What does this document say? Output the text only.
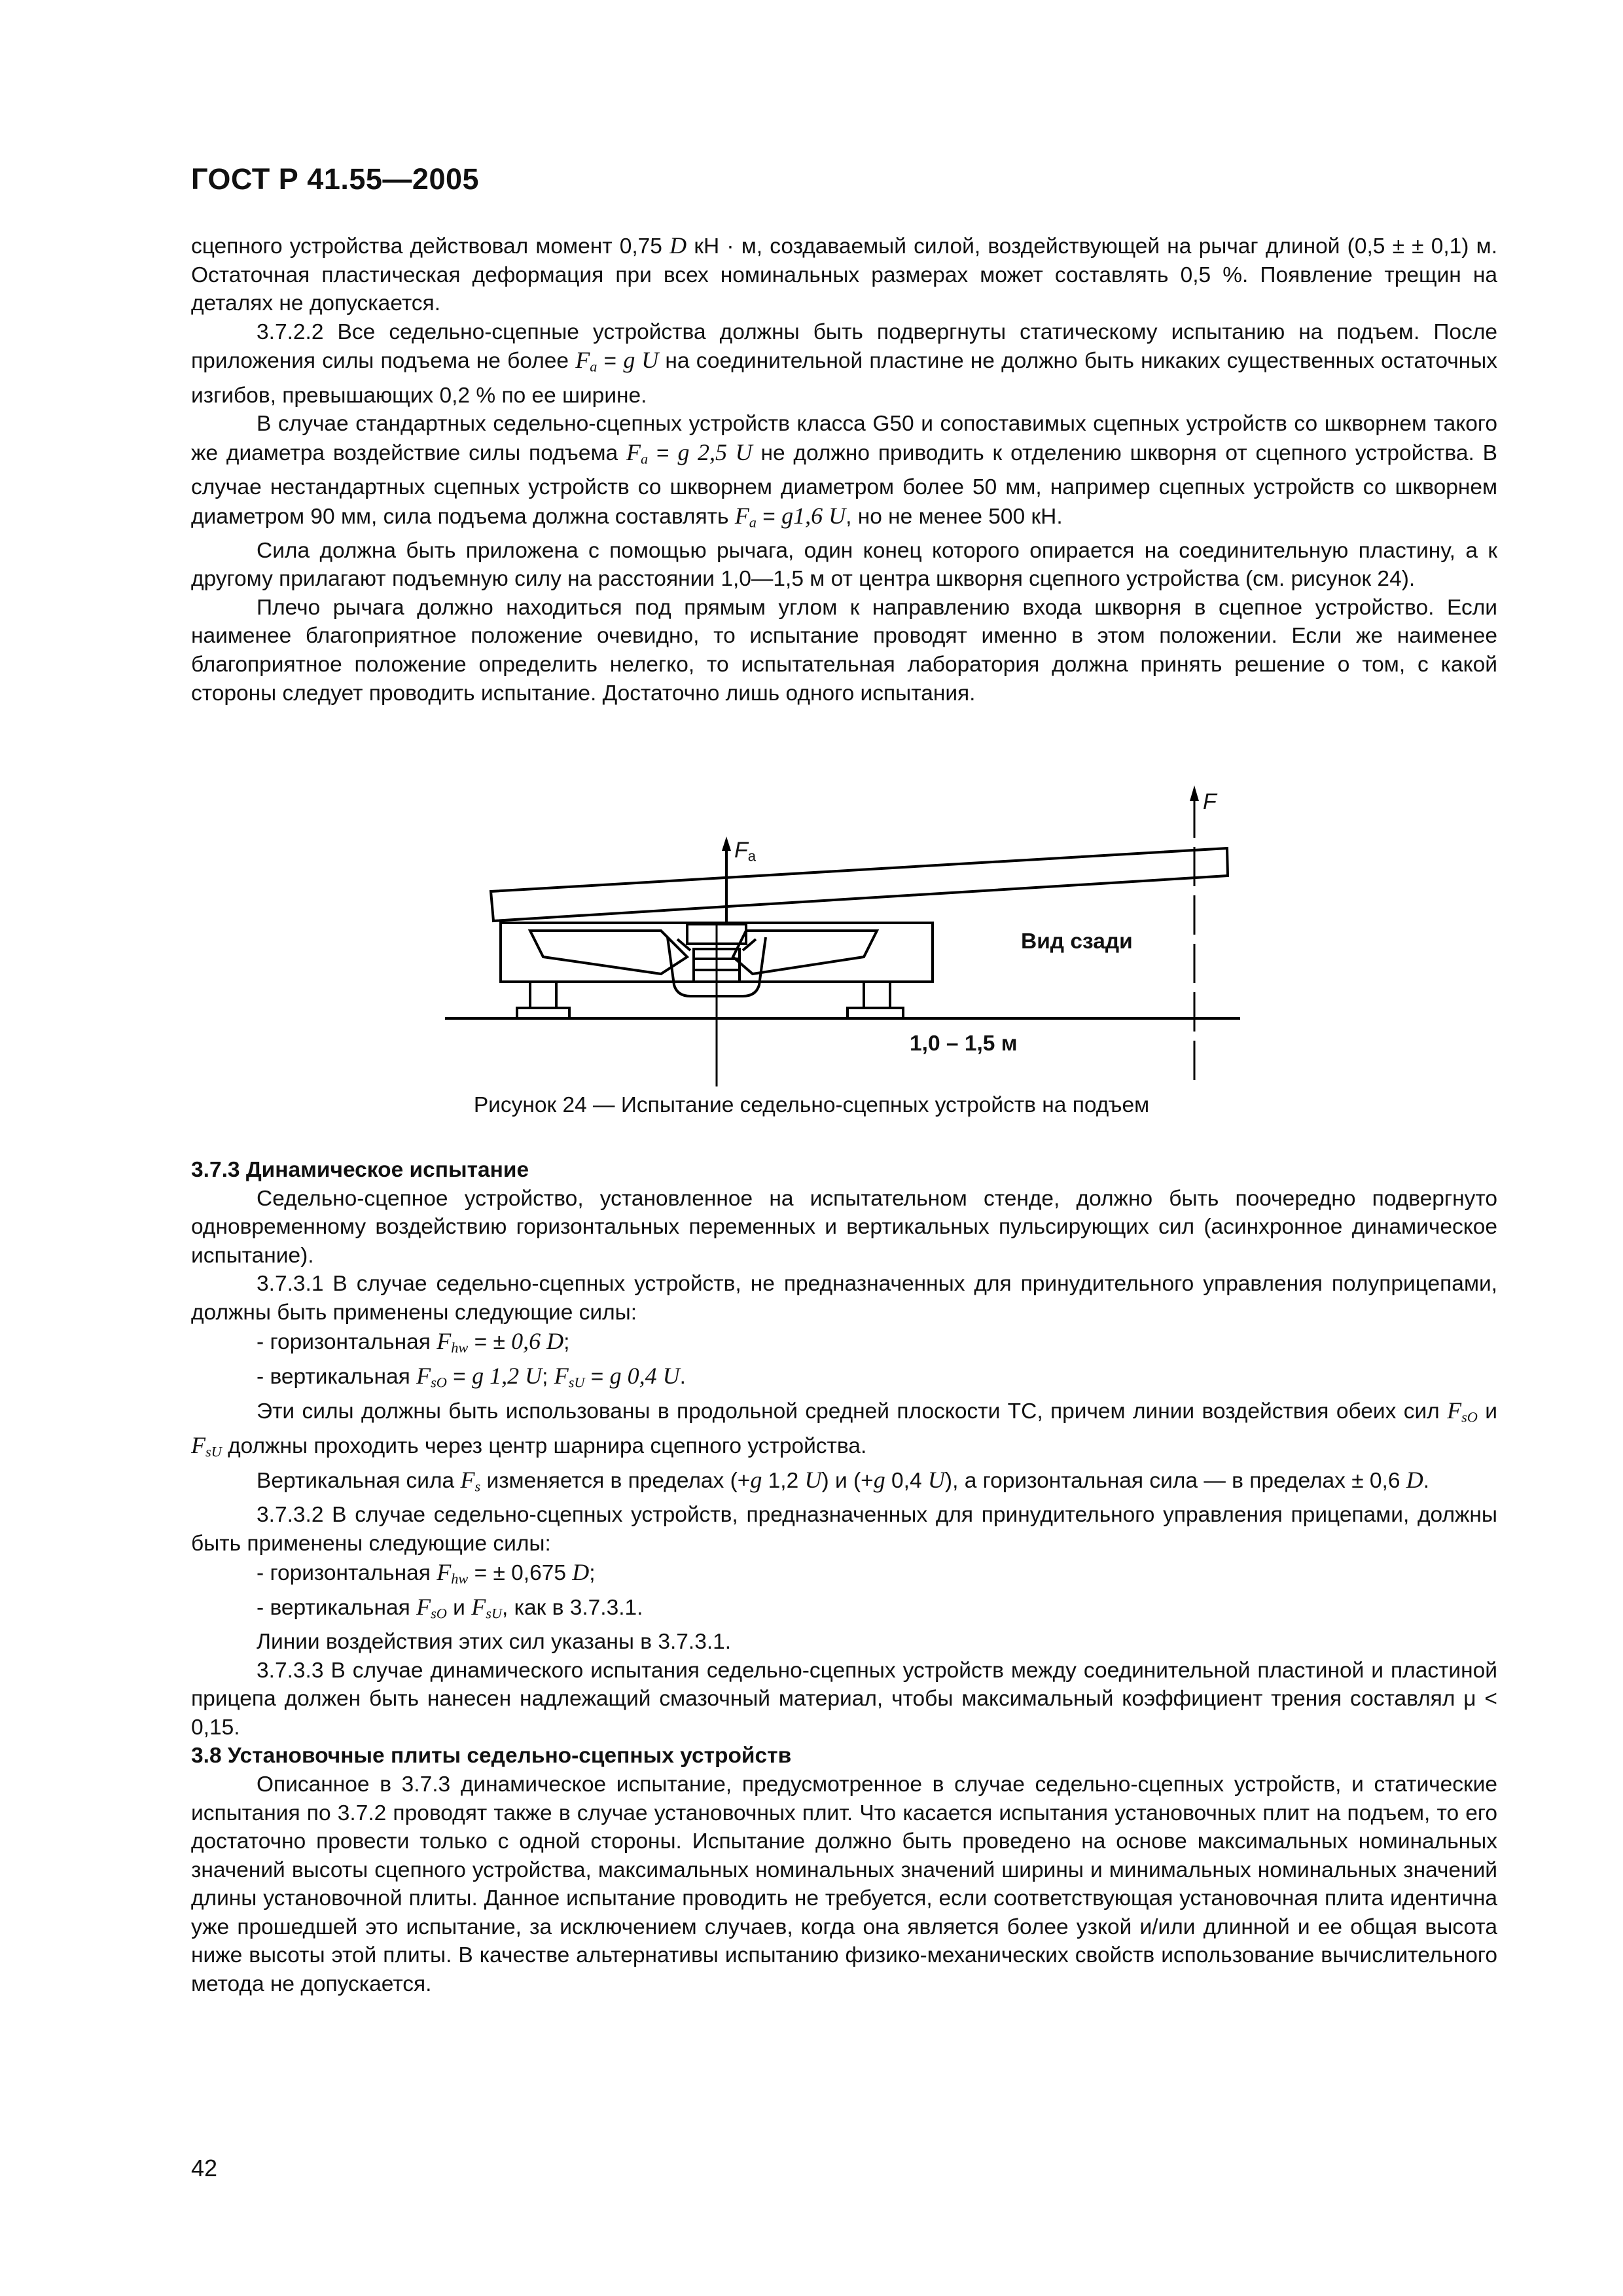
ГОСТ Р 41.55—2005

сцепного устройства действовал момент 0,75 D кН · м, создаваемый силой, воздействующей на рычаг длиной (0,5 ± ± 0,1) м. Остаточная пластическая деформация при всех номинальных размерах может составлять 0,5 %. Появление трещин на деталях не допускается.

3.7.2.2 Все седельно-сцепные устройства должны быть подвергнуты статическому испытанию на подъем. После приложения силы подъема не более $F_a = g$ U на соединительной пластине не должно быть никаких существенных остаточных изгибов, превышающих 0,2 % по ее ширине.

В случае стандартных седельно-сцепных устройств класса G50 и сопоставимых сцепных устройств со шкворнем такого же диаметра воздействие силы подъема $F_a = g$ 2,5 U не должно приводить к отделению шкворня от сцепного устройства. В случае нестандартных сцепных устройств со шкворнем диаметром более 50 мм, например сцепных устройств со шкворнем диаметром 90 мм, сила подъема должна составлять $F_a = g1,6$ U, но не менее 500 кН.

Сила должна быть приложена с помощью рычага, один конец которого опирается на соединительную пластину, а к другому прилагают подъемную силу на расстоянии 1,0—1,5 м от центра шкворня сцепного устройства (см. рисунок 24).

Плечо рычага должно находиться под прямым углом к направлению входа шкворня в сцепное устройство. Если наименее благоприятное положение очевидно, то испытание проводят именно в этом положении. Если же наименее благоприятное положение определить нелегко, то испытательная лаборатория должна принять решение о том, с какой стороны следует проводить испытание. Достаточно лишь одного испытания.

F
$F_a$
Вид сзади
1,0 – 1,5 м
Рисунок 24 — Испытание седельно-сцепных устройств на подъем

3.7.3 Динамическое испытание

Седельно-сцепное устройство, установленное на испытательном стенде, должно быть поочередно подвергнуто одновременному воздействию горизонтальных переменных и вертикальных пульсирующих сил (асинхронное динамическое испытание).

3.7.3.1 В случае седельно-сцепных устройств, не предназначенных для принудительного управления полуприцепами, должны быть применены следующие силы:

- горизонтальная $F_{hw}$ = ± 0,6 D;

- вертикальная $F_{sO} = g$ 1,2 U; $F_{sU} = g$ 0,4 U.

Эти силы должны быть использованы в продольной средней плоскости ТС, причем линии воздействия обеих сил $F_{sO}$ и $F_{sU}$ должны проходить через центр шарнира сцепного устройства.

Вертикальная сила $F_s$ изменяется в пределах (+g 1,2 U) и (+g 0,4 U), а горизонтальная сила — в пределах ± 0,6 D.

3.7.3.2 В случае седельно-сцепных устройств, предназначенных для принудительного управления прицепами, должны быть применены следующие силы:

- горизонтальная $F_{hw}$ = ± 0,675 D;

- вертикальная $F_{sO}$ и $F_{sU}$, как в 3.7.3.1.

Линии воздействия этих сил указаны в 3.7.3.1.

3.7.3.3 В случае динамического испытания седельно-сцепных устройств между соединительной пластиной и пластиной прицепа должен быть нанесен надлежащий смазочный материал, чтобы максимальный коэффициент трения составлял μ < 0,15.

3.8 Установочные плиты седельно-сцепных устройств

Описанное в 3.7.3 динамическое испытание, предусмотренное в случае седельно-сцепных устройств, и статические испытания по 3.7.2 проводят также в случае установочных плит. Что касается испытания установочных плит на подъем, то его достаточно провести только с одной стороны. Испытание должно быть проведено на основе максимальных номинальных значений высоты сцепного устройства, максимальных номинальных значений ширины и минимальных номинальных значений длины установочной плиты. Данное испытание проводить не требуется, если соответствующая установочная плита идентична уже прошедшей это испытание, за исключением случаев, когда она является более узкой и/или длинной и ее общая высота ниже высоты этой плиты. В качестве альтернативы испытанию физико-механических свойств использование вычислительного метода не допускается.

42
